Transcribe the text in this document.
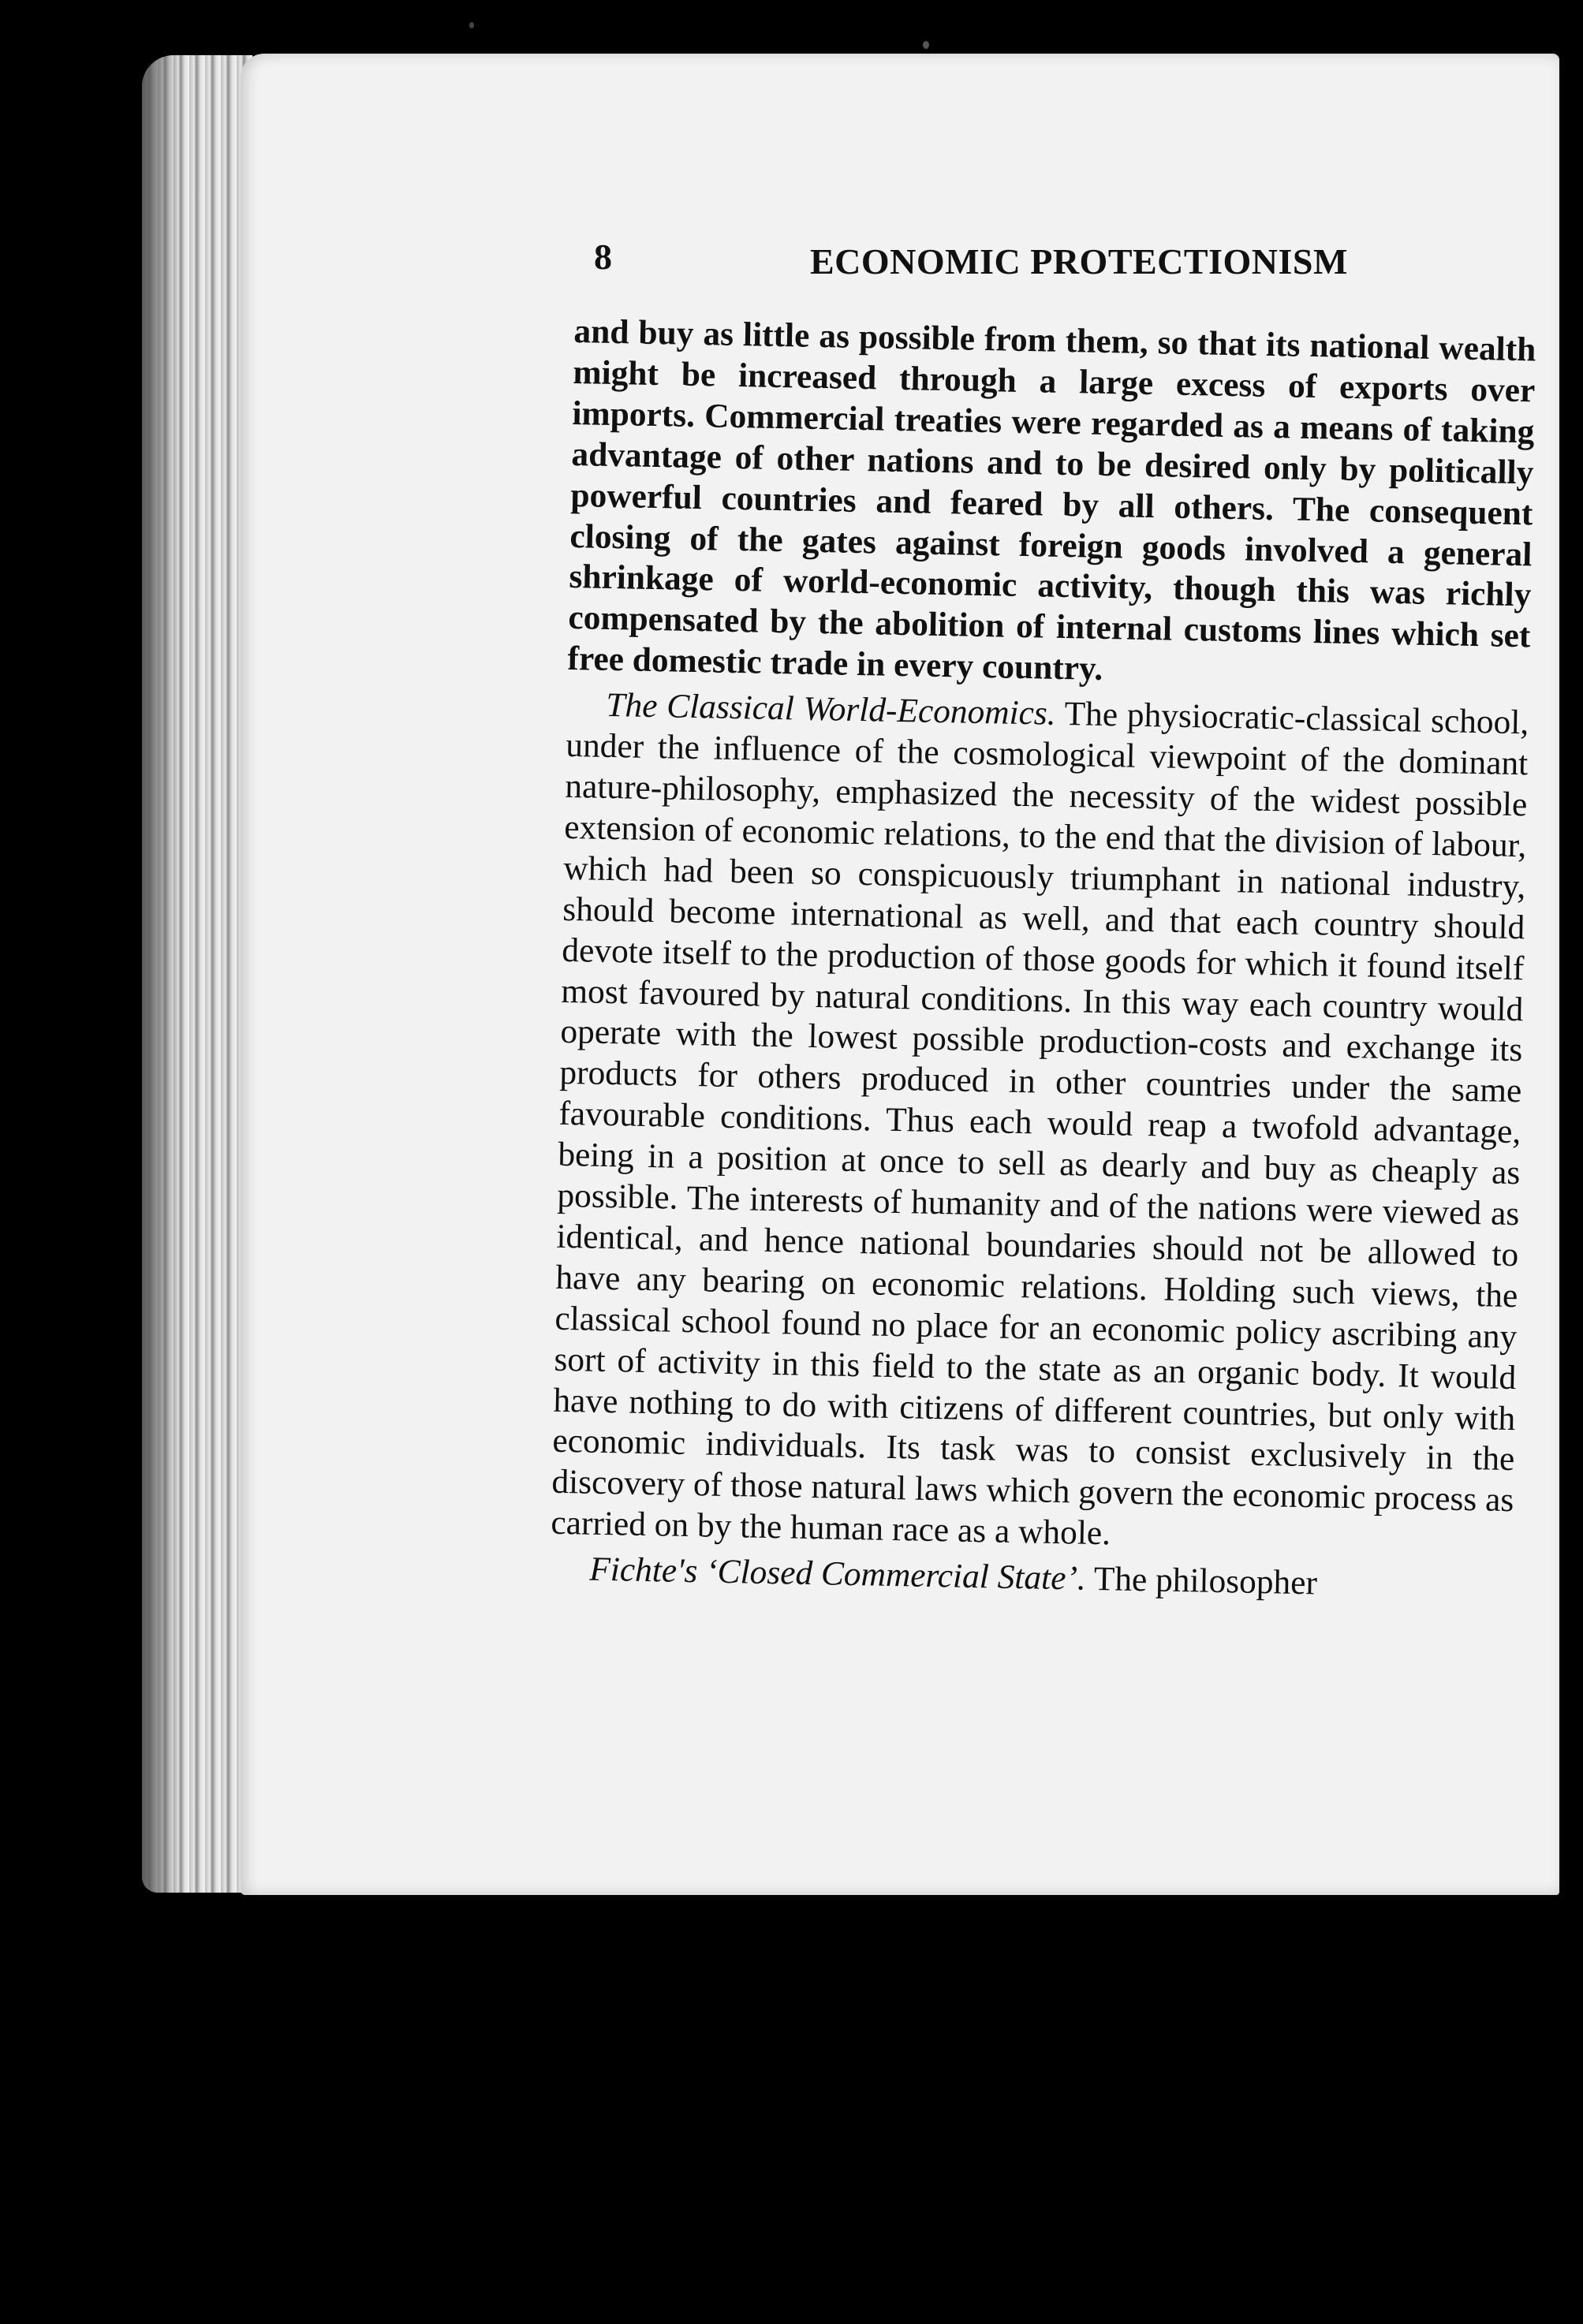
8	ECONOMIC PROTECTIONISM

and buy as little as possible from them, so that its national wealth might be increased through a large excess of exports over imports. Commercial treaties were regarded as a means of taking advantage of other nations and to be desired only by politically powerful countries and feared by all others. The consequent closing of the gates against foreign goods involved a general shrinkage of world-economic activity, though this was richly compensated by the abolition of internal customs lines which set free domestic trade in every country.

The Classical World-Economics. The physiocratic-classical school, under the influence of the cosmological viewpoint of the dominant nature-philosophy, emphasized the necessity of the widest possible extension of economic relations, to the end that the division of labour, which had been so conspicuously triumphant in national industry, should become international as well, and that each country should devote itself to the production of those goods for which it found itself most favoured by natural conditions. In this way each country would operate with the lowest possible production-costs and exchange its products for others produced in other countries under the same favourable conditions. Thus each would reap a twofold advantage, being in a position at once to sell as dearly and buy as cheaply as possible. The interests of humanity and of the nations were viewed as identical, and hence national boundaries should not be allowed to have any bearing on economic relations. Holding such views, the classical school found no place for an economic policy ascribing any sort of activity in this field to the state as an organic body. It would have nothing to do with citizens of different countries, but only with economic individuals. Its task was to consist exclusively in the discovery of those natural laws which govern the economic process as carried on by the human race as a whole.

Fichte's ‘Closed Commercial State’. The philosopher
